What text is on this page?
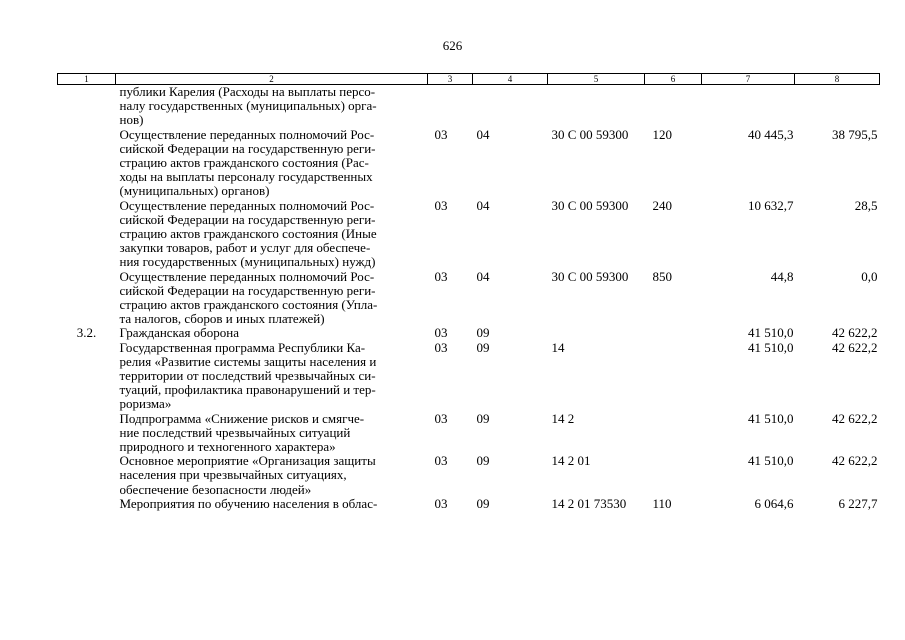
626
1	2	3	4	5	6	7	8
	публики Карелия (Расходы на выплаты персо-
налу государственных (муниципальных) орга-
нов)						
	Осуществление переданных полномочий Рос-
сийской Федерации на государственную реги-
страцию актов гражданского состояния (Рас-
ходы на выплаты персоналу государственных
(муниципальных) органов)	03	04	30 С 00 59300	120	40 445,3	38 795,5
	Осуществление переданных полномочий Рос-
сийской Федерации на государственную реги-
страцию актов гражданского состояния (Иные
закупки товаров, работ и услуг для обеспече-
ния государственных (муниципальных) нужд)	03	04	30 С 00 59300	240	10 632,7	28,5
	Осуществление переданных полномочий Рос-
сийской Федерации на государственную реги-
страцию актов гражданского состояния (Упла-
та налогов, сборов и иных платежей)	03	04	30 С 00 59300	850	44,8	0,0
3.2.	Гражданская оборона	03	09			41 510,0	42 622,2
	Государственная программа Республики Ка-
релия «Развитие системы защиты населения и
территории от последствий чрезвычайных си-
туаций, профилактика правонарушений и тер-
роризма»	03	09	14		41 510,0	42 622,2
	Подпрограмма «Снижение рисков и смягче-
ние последствий чрезвычайных ситуаций
природного и техногенного характера»	03	09	14 2		41 510,0	42 622,2
	Основное мероприятие «Организация защиты
населения при чрезвычайных ситуациях,
обеспечение безопасности людей»	03	09	14 2 01		41 510,0	42 622,2
	Мероприятия по обучению населения в облас-	03	09	14 2 01 73530	110	6 064,6	6 227,7
